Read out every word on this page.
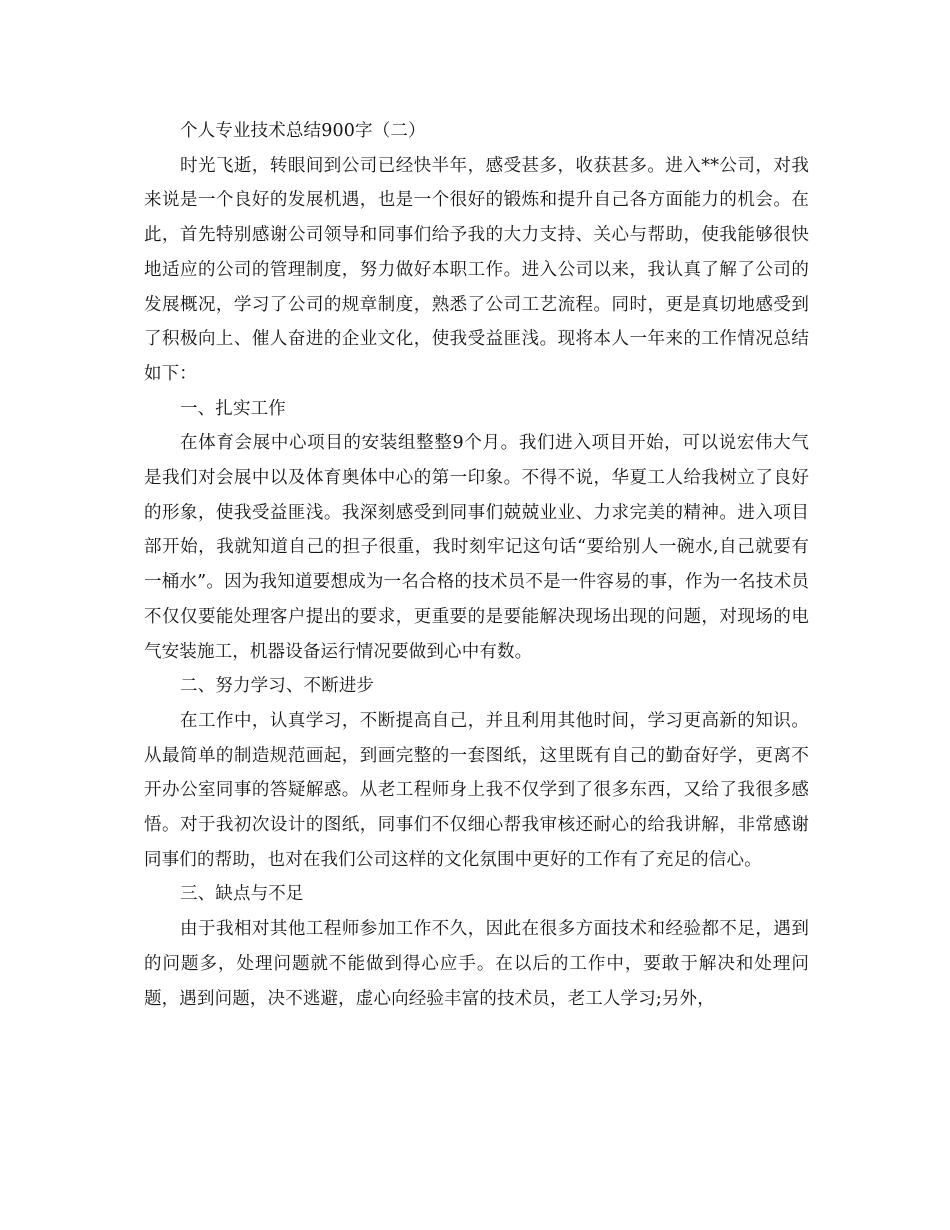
个人专业技术总结900字（二）

时光飞逝，转眼间到公司已经快半年，感受甚多，收获甚多。进入**公司，对我来说是一个良好的发展机遇，也是一个很好的锻炼和提升自己各方面能力的机会。在此，首先特别感谢公司领导和同事们给予我的大力支持、关心与帮助，使我能够很快地适应的公司的管理制度，努力做好本职工作。进入公司以来，我认真了解了公司的发展概况，学习了公司的规章制度，熟悉了公司工艺流程。同时，更是真切地感受到了积极向上、催人奋进的企业文化，使我受益匪浅。现将本人一年来的工作情况总结如下：

一、扎实工作

在体育会展中心项目的安装组整整9个月。我们进入项目开始，可以说宏伟大气是我们对会展中以及体育奥体中心的第一印象。不得不说，华夏工人给我树立了良好的形象，使我受益匪浅。我深刻感受到同事们兢兢业业、力求完美的精神。进入项目部开始，我就知道自己的担子很重，我时刻牢记这句话“要给别人一碗水,自己就要有一桶水”。因为我知道要想成为一名合格的技术员不是一件容易的事，作为一名技术员不仅仅要能处理客户提出的要求，更重要的是要能解决现场出现的问题，对现场的电气安装施工，机器设备运行情况要做到心中有数。

二、努力学习、不断进步

在工作中，认真学习，不断提高自己，并且利用其他时间，学习更高新的知识。从最简单的制造规范画起，到画完整的一套图纸，这里既有自己的勤奋好学，更离不开办公室同事的答疑解惑。从老工程师身上我不仅学到了很多东西，又给了我很多感悟。对于我初次设计的图纸，同事们不仅细心帮我审核还耐心的给我讲解，非常感谢同事们的帮助，也对在我们公司这样的文化氛围中更好的工作有了充足的信心。

三、缺点与不足

由于我相对其他工程师参加工作不久，因此在很多方面技术和经验都不足，遇到的问题多，处理问题就不能做到得心应手。在以后的工作中，要敢于解决和处理问题，遇到问题，决不逃避，虚心向经验丰富的技术员，老工人学习;另外，
